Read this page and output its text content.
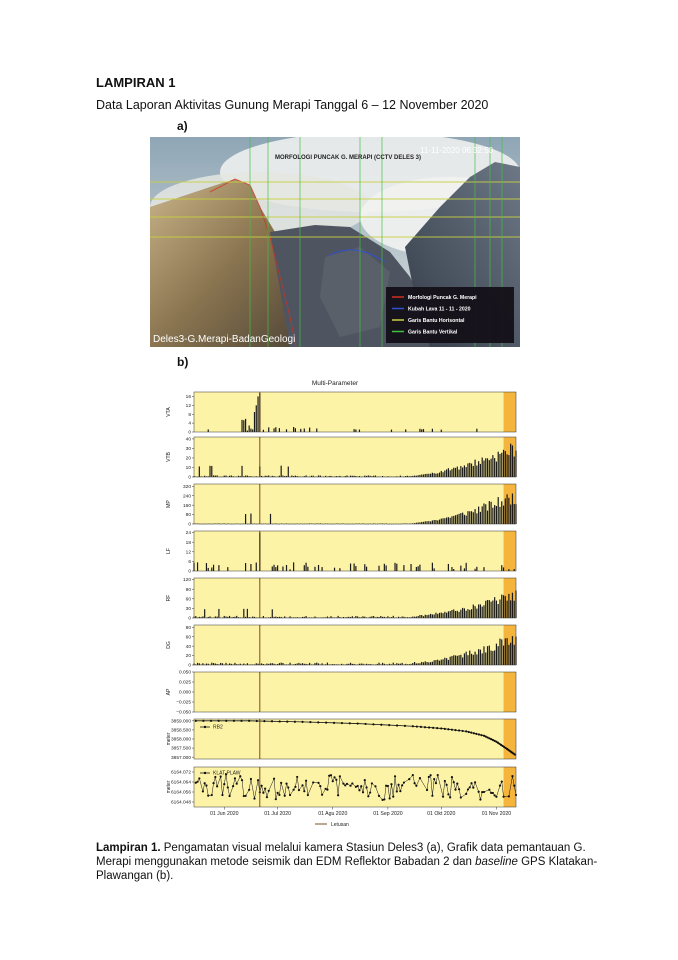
LAMPIRAN 1
Data Laporan Aktivitas Gunung Merapi Tanggal 6 – 12 November 2020
a)
MORFOLOGI PUNCAK G. MERAPI (CCTV DELES 3)
11-11-2020 06:32:50
Morfologi Puncak G. Merapi
Kubah Lava 11 - 11 - 2020
Garis Bantu Horisontal
Garis Bantu Vertikal
Deles3-G.Merapi-BadanGeologi
b)
Multi-Parameter
16
12
8
4
0
VTA
40
30
20
10
0
VTB
320
240
160
80
0
MP
24
18
12
6
0
LF
120
90
60
30
0
RF
80
60
40
20
0
DG
0.050
0.025
0.000
−0.025
−0.050
AP
3859.000
3858.500
3858.000
3857.500
3857.000
meter
RB2
6164.072
6164.064
6164.056
6164.048
meter
KLAT-PLAW
01 Jun 2020	01 Jul 2020	01 Agu 2020	01 Sep 2020	01 Okt 2020	01 Nov 2020
Letusan
Lampiran 1. Pengamatan visual melalui kamera Stasiun Deles3 (a), Grafik data pemantauan G. Merapi menggunakan metode seismik dan EDM Reflektor Babadan 2 dan baseline GPS Klatakan-Plawangan (b).
